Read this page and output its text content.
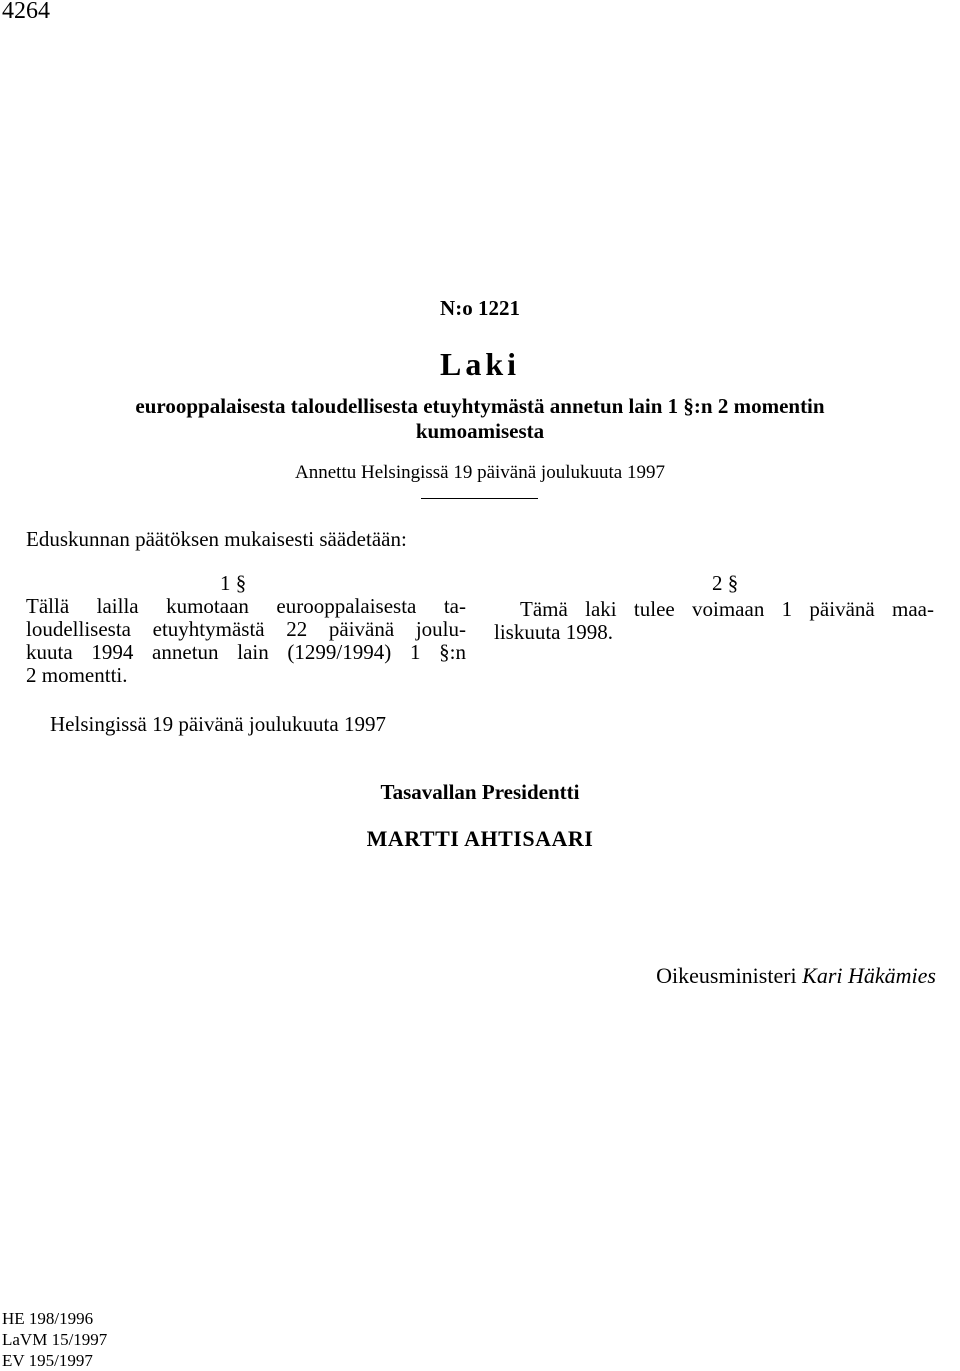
4264
N:o 1221
Laki
eurooppalaisesta taloudellisesta etuyhtymästä annetun lain 1 §:n 2 momentin
kumoamisesta
Annettu Helsingissä 19 päivänä joulukuuta 1997
Eduskunnan päätöksen mukaisesti säädetään:
1 §
Tällä lailla kumotaan eurooppalaisesta ta-
loudellisesta etuyhtymästä 22 päivänä joulu-
kuuta 1994 annetun lain (1299/1994) 1 §:n
2 momentti.
2 §
Tämä laki tulee voimaan 1 päivänä maa-
liskuuta 1998.
Helsingissä 19 päivänä joulukuuta 1997
Tasavallan Presidentti
MARTTI AHTISAARI
Oikeusministeri Kari Häkämies
HE 198/1996
LaVM 15/1997
EV 195/1997
